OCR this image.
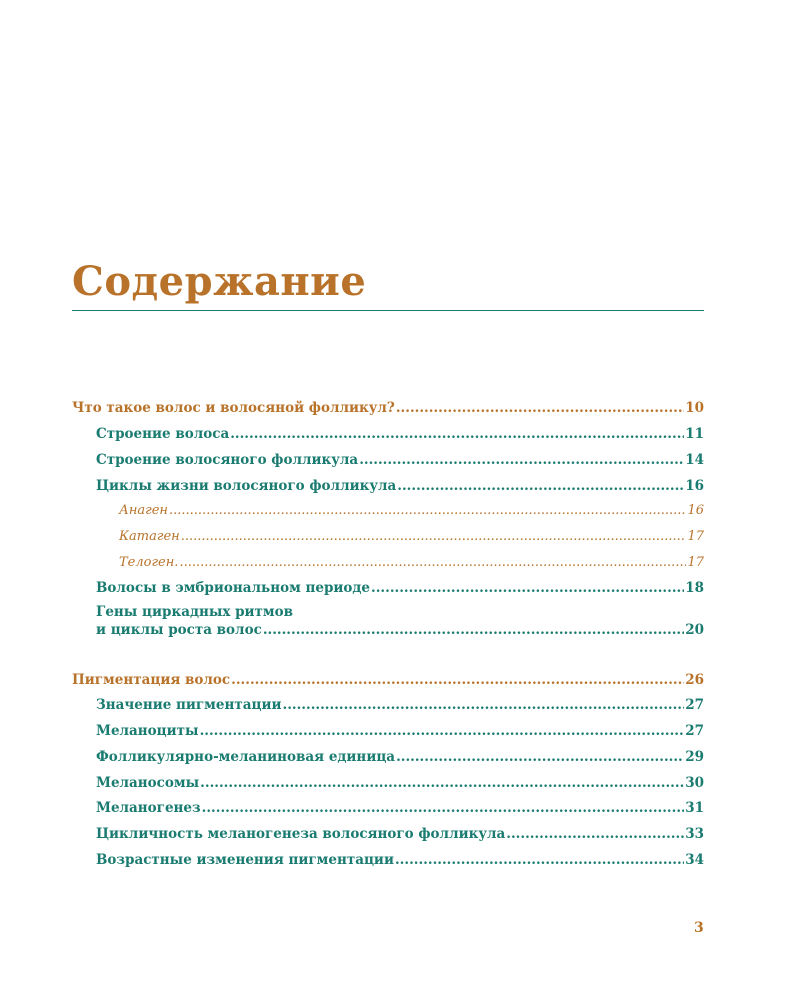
Содержание
Что такое волос и волосяной фолликул? .....	10
Строение волоса .....	11
Строение волосяного фолликула .....	14
Циклы жизни волосяного фолликула .....	16
Анаген .....	16
Катаген .....	17
Телоген. .....	17
Волосы в эмбриональном периоде .....	18
Гены циркадных ритмов
и циклы роста волос .....	20
Пигментация волос .....	26
Значение пигментации .....	27
Меланоциты .....	27
Фолликулярно-меланиновая единица .....	29
Меланосомы .....	30
Меланогенез .....	31
Цикличность меланогенеза волосяного фолликула .....	33
Возрастные изменения пигментации .....	34
3
